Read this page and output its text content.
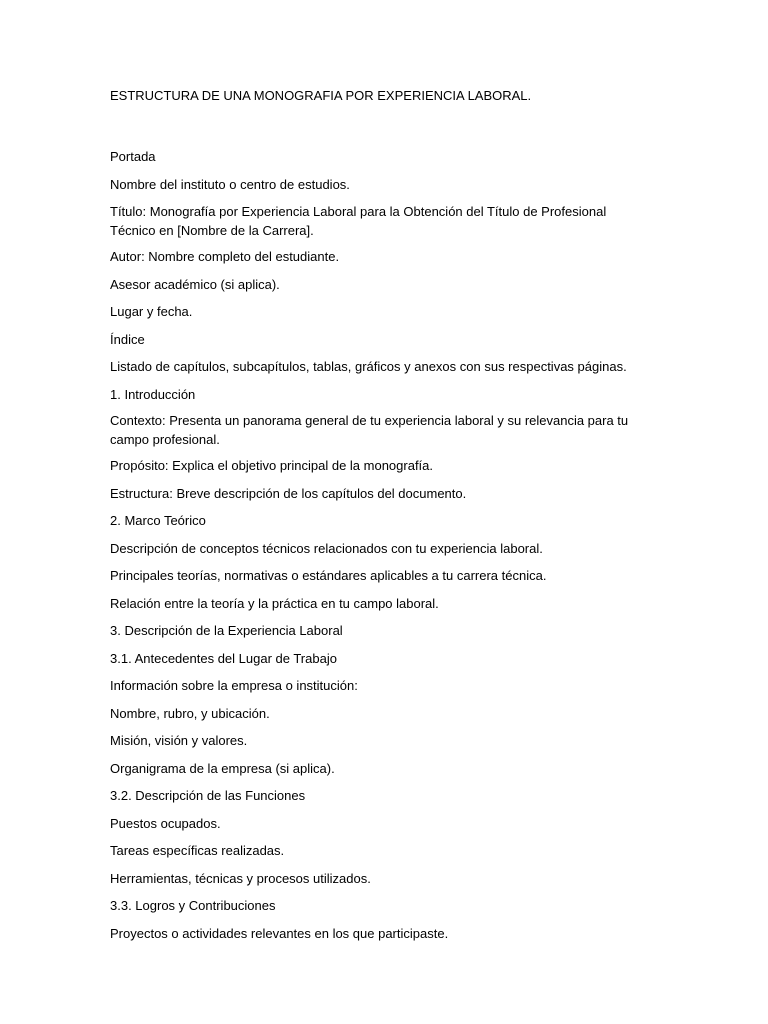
ESTRUCTURA DE UNA MONOGRAFIA POR EXPERIENCIA LABORAL.

Portada

Nombre del instituto o centro de estudios.

Título: Monografía por Experiencia Laboral para la Obtención del Título de Profesional Técnico en [Nombre de la Carrera].

Autor: Nombre completo del estudiante.

Asesor académico (si aplica).

Lugar y fecha.

Índice

Listado de capítulos, subcapítulos, tablas, gráficos y anexos con sus respectivas páginas.

1. Introducción

Contexto: Presenta un panorama general de tu experiencia laboral y su relevancia para tu campo profesional.

Propósito: Explica el objetivo principal de la monografía.

Estructura: Breve descripción de los capítulos del documento.

2. Marco Teórico

Descripción de conceptos técnicos relacionados con tu experiencia laboral.

Principales teorías, normativas o estándares aplicables a tu carrera técnica.

Relación entre la teoría y la práctica en tu campo laboral.

3. Descripción de la Experiencia Laboral

3.1. Antecedentes del Lugar de Trabajo

Información sobre la empresa o institución:

Nombre, rubro, y ubicación.

Misión, visión y valores.

Organigrama de la empresa (si aplica).

3.2. Descripción de las Funciones

Puestos ocupados.

Tareas específicas realizadas.

Herramientas, técnicas y procesos utilizados.

3.3. Logros y Contribuciones

Proyectos o actividades relevantes en los que participaste.
